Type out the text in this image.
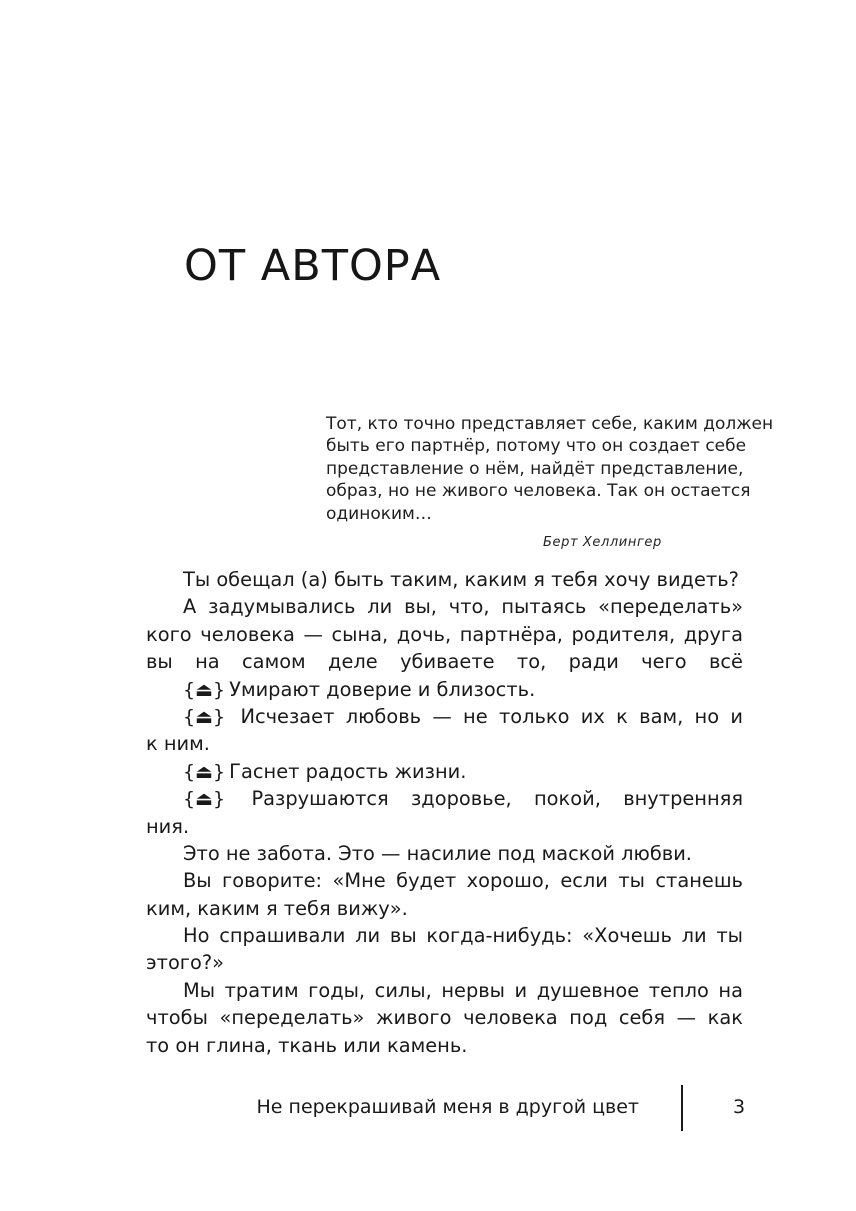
ОТ АВТОРА
Тот, кто точно представляет себе, каким должен
быть его партнёр, потому что он создает себе
представление о нём, найдёт представление,
образ, но не живого человека. Так он остается
одиноким…
Берт Хеллингер
Ты обещал (а) быть таким, каким я тебя хочу видеть?
А задумывались ли вы, что, пытаясь «переделать»
кого человека — сына, дочь, партнёра, родителя, друга
вы на самом деле убиваете то, ради чего всё
{⏏} Умирают доверие и близость.
{⏏} Исчезает любовь — не только их к вам, но и
к ним.
{⏏} Гаснет радость жизни.
{⏏} Разрушаются здоровье, покой, внутренняя
ния.
Это не забота. Это — насилие под маской любви.
Вы говорите: «Мне будет хорошо, если ты станешь
ким, каким я тебя вижу».
Но спрашивали ли вы когда-нибудь: «Хочешь ли ты
этого?»
Мы тратим годы, силы, нервы и душевное тепло на
чтобы «переделать» живого человека под себя — как
то он глина, ткань или камень.
Не перекрашивай меня в другой цвет	3
